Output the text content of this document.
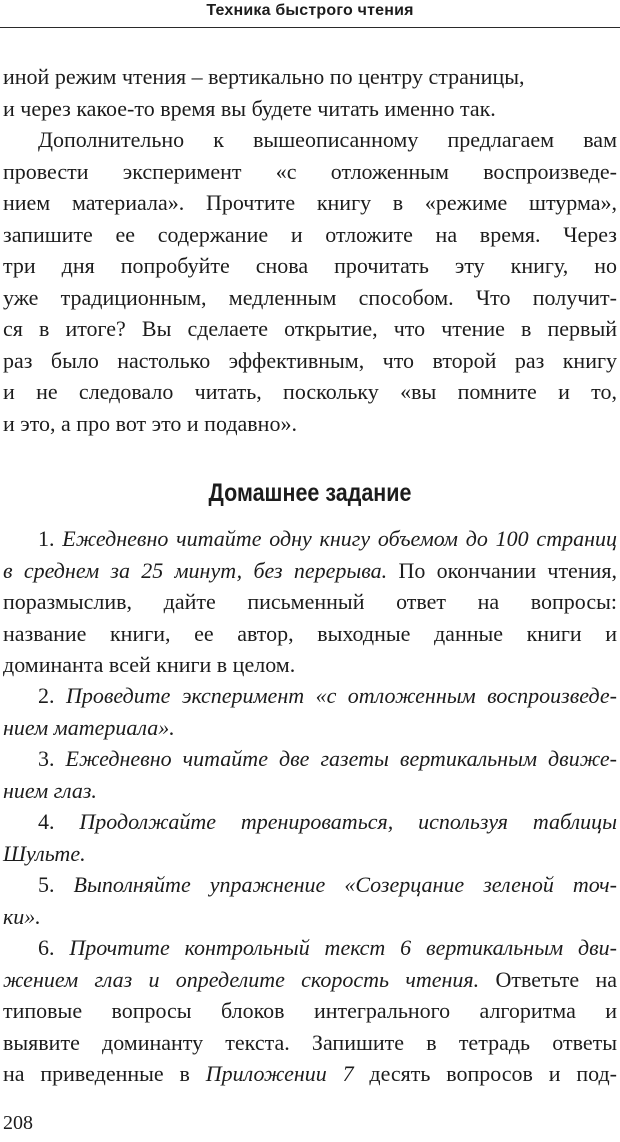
Техника быстрого чтения
иной режим чтения – вертикально по центру страницы,
и через какое-то время вы будете читать именно так.
Дополнительно к вышеописанному предлагаем вам
провести эксперимент «с отложенным воспроизведе-
нием материала». Прочтите книгу в «режиме штурма»,
запишите ее содержание и отложите на время. Через
три дня попробуйте снова прочитать эту книгу, но
уже традиционным, медленным способом. Что получит-
ся в итоге? Вы сделаете открытие, что чтение в первый
раз было настолько эффективным, что второй раз книгу
и не следовало читать, поскольку «вы помните и то,
и это, а про вот это и подавно».
Домашнее задание
1. Ежедневно читайте одну книгу объемом до 100 страниц
в среднем за 25 минут, без перерыва. По окончании чтения,
поразмыслив, дайте письменный ответ на вопросы:
название книги, ее автор, выходные данные книги и
доминанта всей книги в целом.
2. Проведите эксперимент «с отложенным воспроизведе-
нием материала».
3. Ежедневно читайте две газеты вертикальным движе-
нием глаз.
4. Продолжайте тренироваться, используя таблицы
Шульте.
5. Выполняйте упражнение «Созерцание зеленой точ-
ки».
6. Прочтите контрольный текст 6 вертикальным дви-
жением глаз и определите скорость чтения. Ответьте на
типовые вопросы блоков интегрального алгоритма и
выявите доминанту текста. Запишите в тетрадь ответы
на приведенные в Приложении 7 десять вопросов и под-
208
